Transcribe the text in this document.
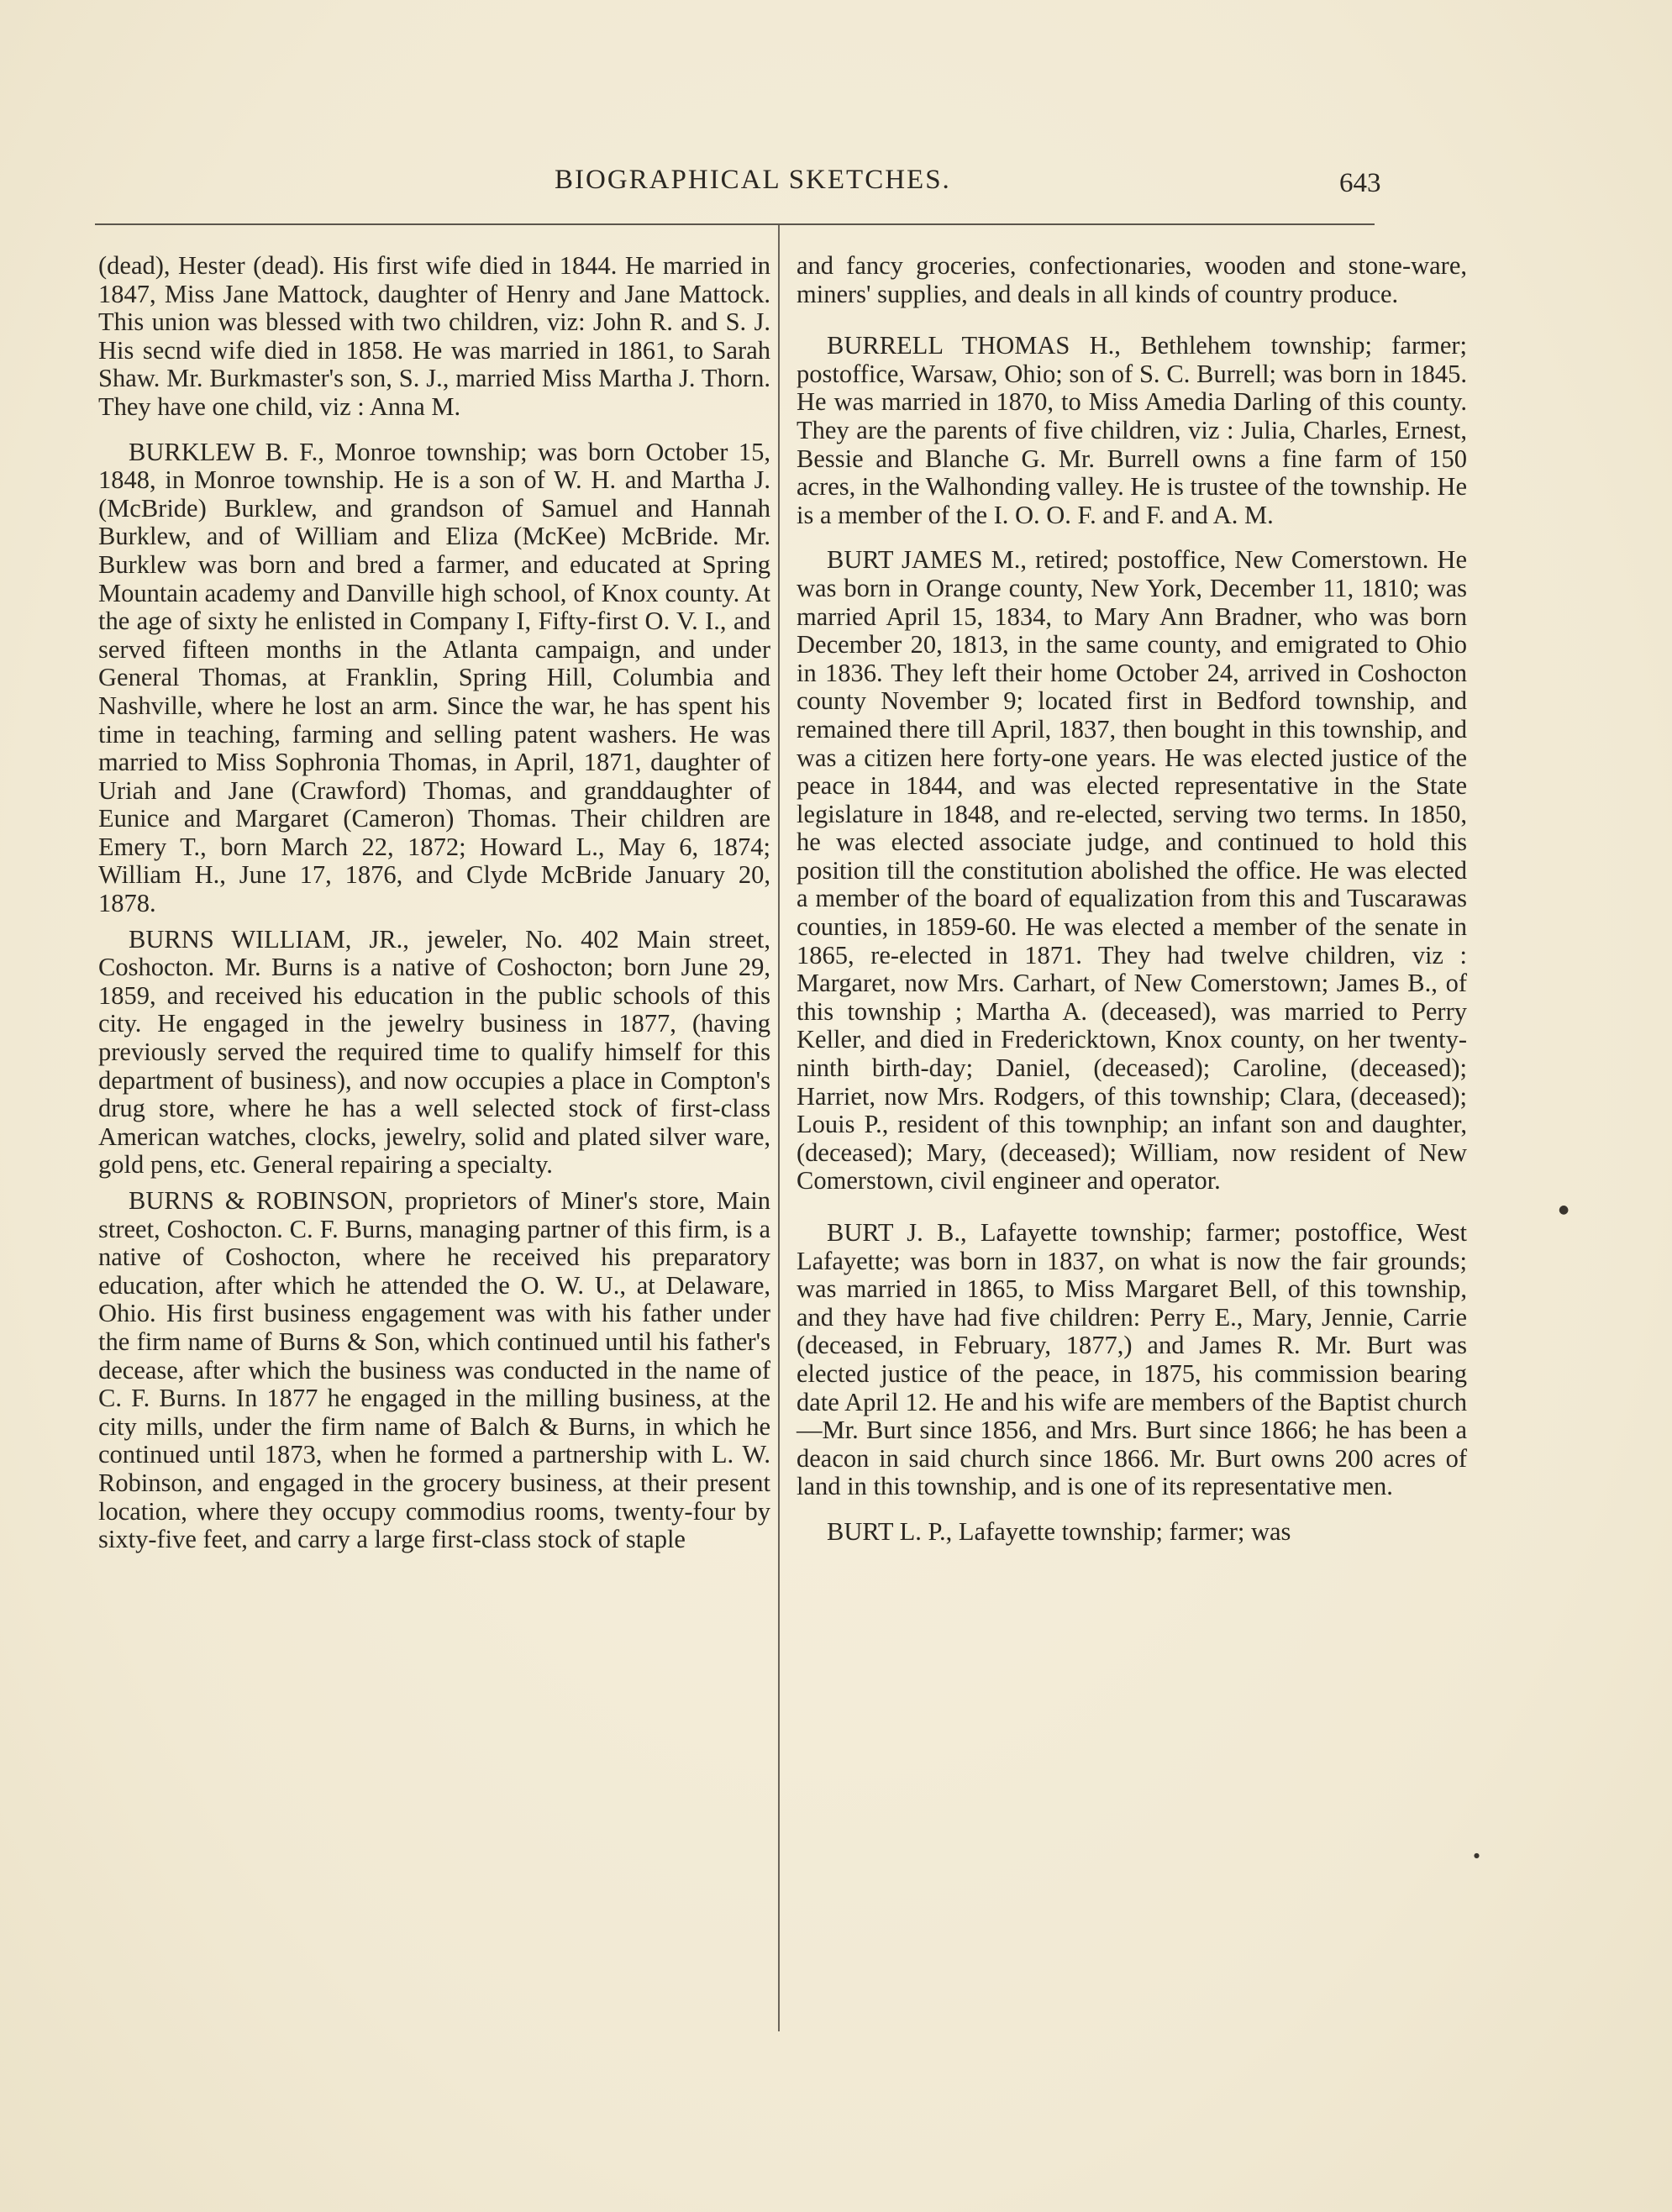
BIOGRAPHICAL SKETCHES.	643

(dead), Hester (dead). His first wife died in 1844. He married in 1847, Miss Jane Mattock, daughter of Henry and Jane Mattock. This union was blessed with two children, viz: John R. and S. J. His secnd wife died in 1858. He was married in 1861, to Sarah Shaw. Mr. Burkmaster's son, S. J., married Miss Martha J. Thorn. They have one child, viz : Anna M.

BURKLEW B. F., Monroe township; was born October 15, 1848, in Monroe township. He is a son of W. H. and Martha J. (McBride) Burklew, and grandson of Samuel and Hannah Burklew, and of William and Eliza (McKee) McBride. Mr. Burklew was born and bred a farmer, and educated at Spring Mountain academy and Danville high school, of Knox county. At the age of sixty he enlisted in Company I, Fifty-first O. V. I., and served fifteen months in the Atlanta campaign, and under General Thomas, at Franklin, Spring Hill, Columbia and Nashville, where he lost an arm. Since the war, he has spent his time in teaching, farming and selling patent washers. He was married to Miss Sophronia Thomas, in April, 1871, daughter of Uriah and Jane (Crawford) Thomas, and granddaughter of Eunice and Margaret (Cameron) Thomas. Their children are Emery T., born March 22, 1872; Howard L., May 6, 1874; William H., June 17, 1876, and Clyde McBride January 20, 1878.

BURNS WILLIAM, JR., jeweler, No. 402 Main street, Coshocton. Mr. Burns is a native of Coshocton; born June 29, 1859, and received his education in the public schools of this city. He engaged in the jewelry business in 1877, (having previously served the required time to qualify himself for this department of business), and now occupies a place in Compton's drug store, where he has a well selected stock of first-class American watches, clocks, jewelry, solid and plated silver ware, gold pens, etc. General repairing a specialty.

BURNS & ROBINSON, proprietors of Miner's store, Main street, Coshocton. C. F. Burns, managing partner of this firm, is a native of Coshocton, where he received his preparatory education, after which he attended the O. W. U., at Delaware, Ohio. His first business engagement was with his father under the firm name of Burns & Son, which continued until his father's decease, after which the business was conducted in the name of C. F. Burns. In 1877 he engaged in the milling business, at the city mills, under the firm name of Balch & Burns, in which he continued until 1873, when he formed a partnership with L. W. Robinson, and engaged in the grocery business, at their present location, where they occupy commodius rooms, twenty-four by sixty-five feet, and carry a large first-class stock of staple

and fancy groceries, confectionaries, wooden and stone-ware, miners' supplies, and deals in all kinds of country produce.

BURRELL THOMAS H., Bethlehem township; farmer; postoffice, Warsaw, Ohio; son of S. C. Burrell; was born in 1845. He was married in 1870, to Miss Amedia Darling of this county. They are the parents of five children, viz : Julia, Charles, Ernest, Bessie and Blanche G. Mr. Burrell owns a fine farm of 150 acres, in the Walhonding valley. He is trustee of the township. He is a member of the I. O. O. F. and F. and A. M.

BURT JAMES M., retired; postoffice, New Comerstown. He was born in Orange county, New York, December 11, 1810; was married April 15, 1834, to Mary Ann Bradner, who was born December 20, 1813, in the same county, and emigrated to Ohio in 1836. They left their home October 24, arrived in Coshocton county November 9; located first in Bedford township, and remained there till April, 1837, then bought in this township, and was a citizen here forty-one years. He was elected justice of the peace in 1844, and was elected representative in the State legislature in 1848, and re-elected, serving two terms. In 1850, he was elected associate judge, and continued to hold this position till the constitution abolished the office. He was elected a member of the board of equalization from this and Tuscarawas counties, in 1859-60. He was elected a member of the senate in 1865, re-elected in 1871. They had twelve children, viz : Margaret, now Mrs. Carhart, of New Comerstown; James B., of this township ; Martha A. (deceased), was married to Perry Keller, and died in Fredericktown, Knox county, on her twenty-ninth birth-day; Daniel, (deceased); Caroline, (deceased); Harriet, now Mrs. Rodgers, of this township; Clara, (deceased); Louis P., resident of this townphip; an infant son and daughter, (deceased); Mary, (deceased); William, now resident of New Comerstown, civil engineer and operator.

BURT J. B., Lafayette township; farmer; postoffice, West Lafayette; was born in 1837, on what is now the fair grounds; was married in 1865, to Miss Margaret Bell, of this township, and they have had five children: Perry E., Mary, Jennie, Carrie (deceased, in February, 1877,) and James R. Mr. Burt was elected justice of the peace, in 1875, his commission bearing date April 12. He and his wife are members of the Baptist church—Mr. Burt since 1856, and Mrs. Burt since 1866; he has been a deacon in said church since 1866. Mr. Burt owns 200 acres of land in this township, and is one of its representative men.

BURT L. P., Lafayette township; farmer; was

●
●
